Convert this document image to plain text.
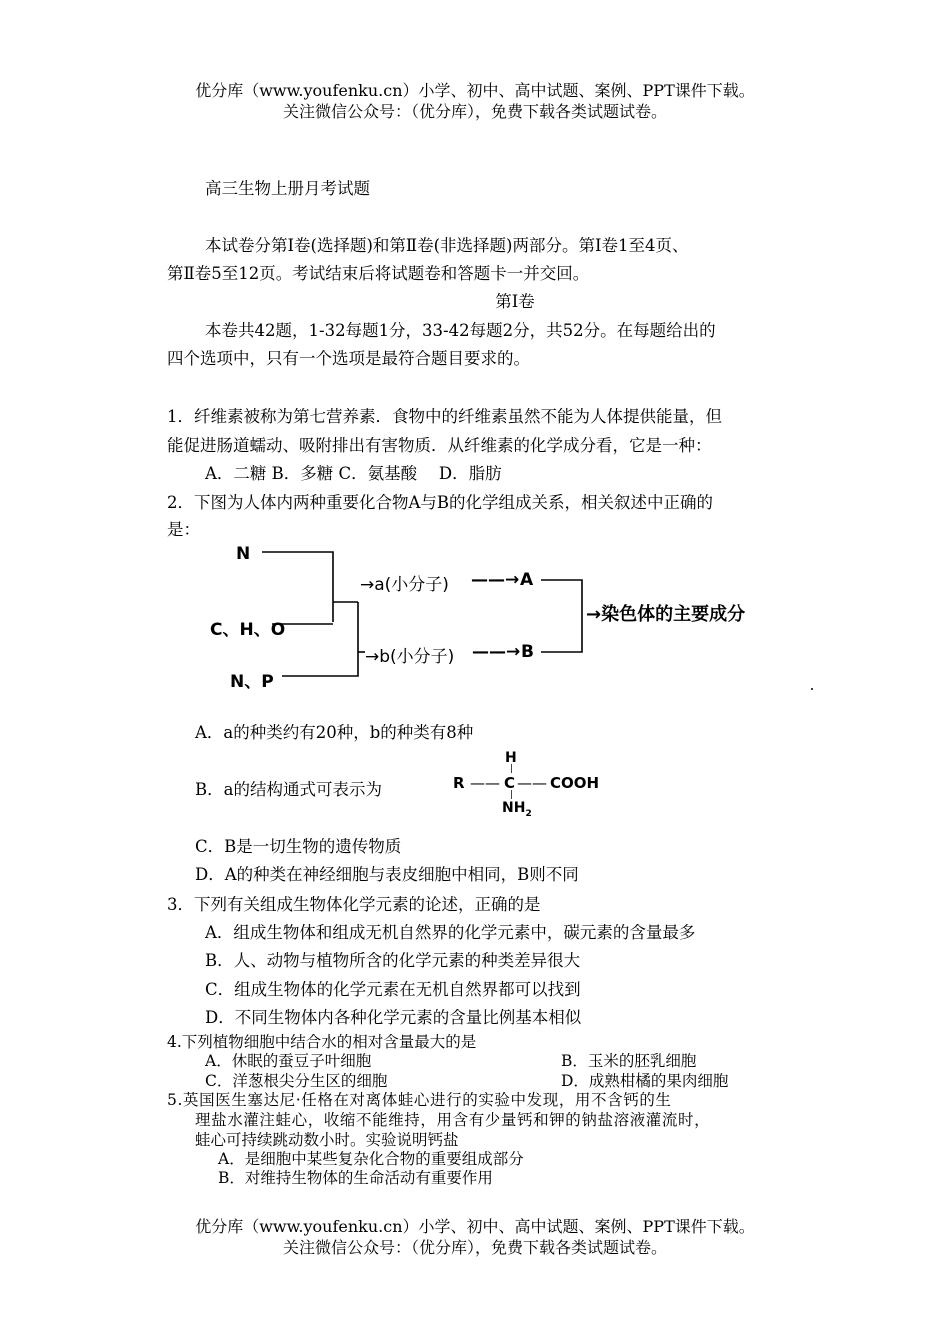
优分库（www.youfenku.cn）小学、初中、高中试题、案例、PPT课件下载。
关注微信公众号：（优分库），免费下载各类试题试卷。
高三生物上册月考试题
本试卷分第Ⅰ卷(选择题)和第Ⅱ卷(非选择题)两部分。第Ⅰ卷1至4页、
第Ⅱ卷5至12页。考试结束后将试题卷和答题卡一并交回。
第Ⅰ卷
本卷共42题，1-32每题1分，33-42每题2分，共52分。在每题给出的
四个选项中，只有一个选项是最符合题目要求的。
1．纤维素被称为第七营养素．食物中的纤维素虽然不能为人体提供能量，但
能促进肠道蠕动、吸附排出有害物质．从纤维素的化学成分看，它是一种：
A．二糖 B．多糖 C．氨基酸　 D．脂肪
2．下图为人体内两种重要化合物A与B的化学组成关系，相关叙述中正确的
是：
N
C、H、O
N、P
→a(小分子) ——→ A
→b(小分子) ——→ B
→染色体的主要成分
A．a的种类约有20种，b的种类有8种
B．a的结构通式可表示为
H
|
R —— C —— COOH
|
$NH_2$
C．B是一切生物的遗传物质
D．A的种类在神经细胞与表皮细胞中相同，B则不同
3．下列有关组成生物体化学元素的论述，正确的是
A．组成生物体和组成无机自然界的化学元素中，碳元素的含量最多
B．人、动物与植物所含的化学元素的种类差异很大
C．组成生物体的化学元素在无机自然界都可以找到
D．不同生物体内各种化学元素的含量比例基本相似
4.下列植物细胞中结合水的相对含量最大的是
A．休眠的蚕豆子叶细胞	B．玉米的胚乳细胞
C．洋葱根尖分生区的细胞	D．成熟柑橘的果肉细胞
5.英国医生塞达尼·任格在对离体蛙心进行的实验中发现，用不含钙的生
理盐水灌注蛙心，收缩不能维持，用含有少量钙和钾的钠盐溶液灌流时，
蛙心可持续跳动数小时。实验说明钙盐
A．是细胞中某些复杂化合物的重要组成部分
B．对维持生物体的生命活动有重要作用
优分库（www.youfenku.cn）小学、初中、高中试题、案例、PPT课件下载。
关注微信公众号：（优分库），免费下载各类试题试卷。
